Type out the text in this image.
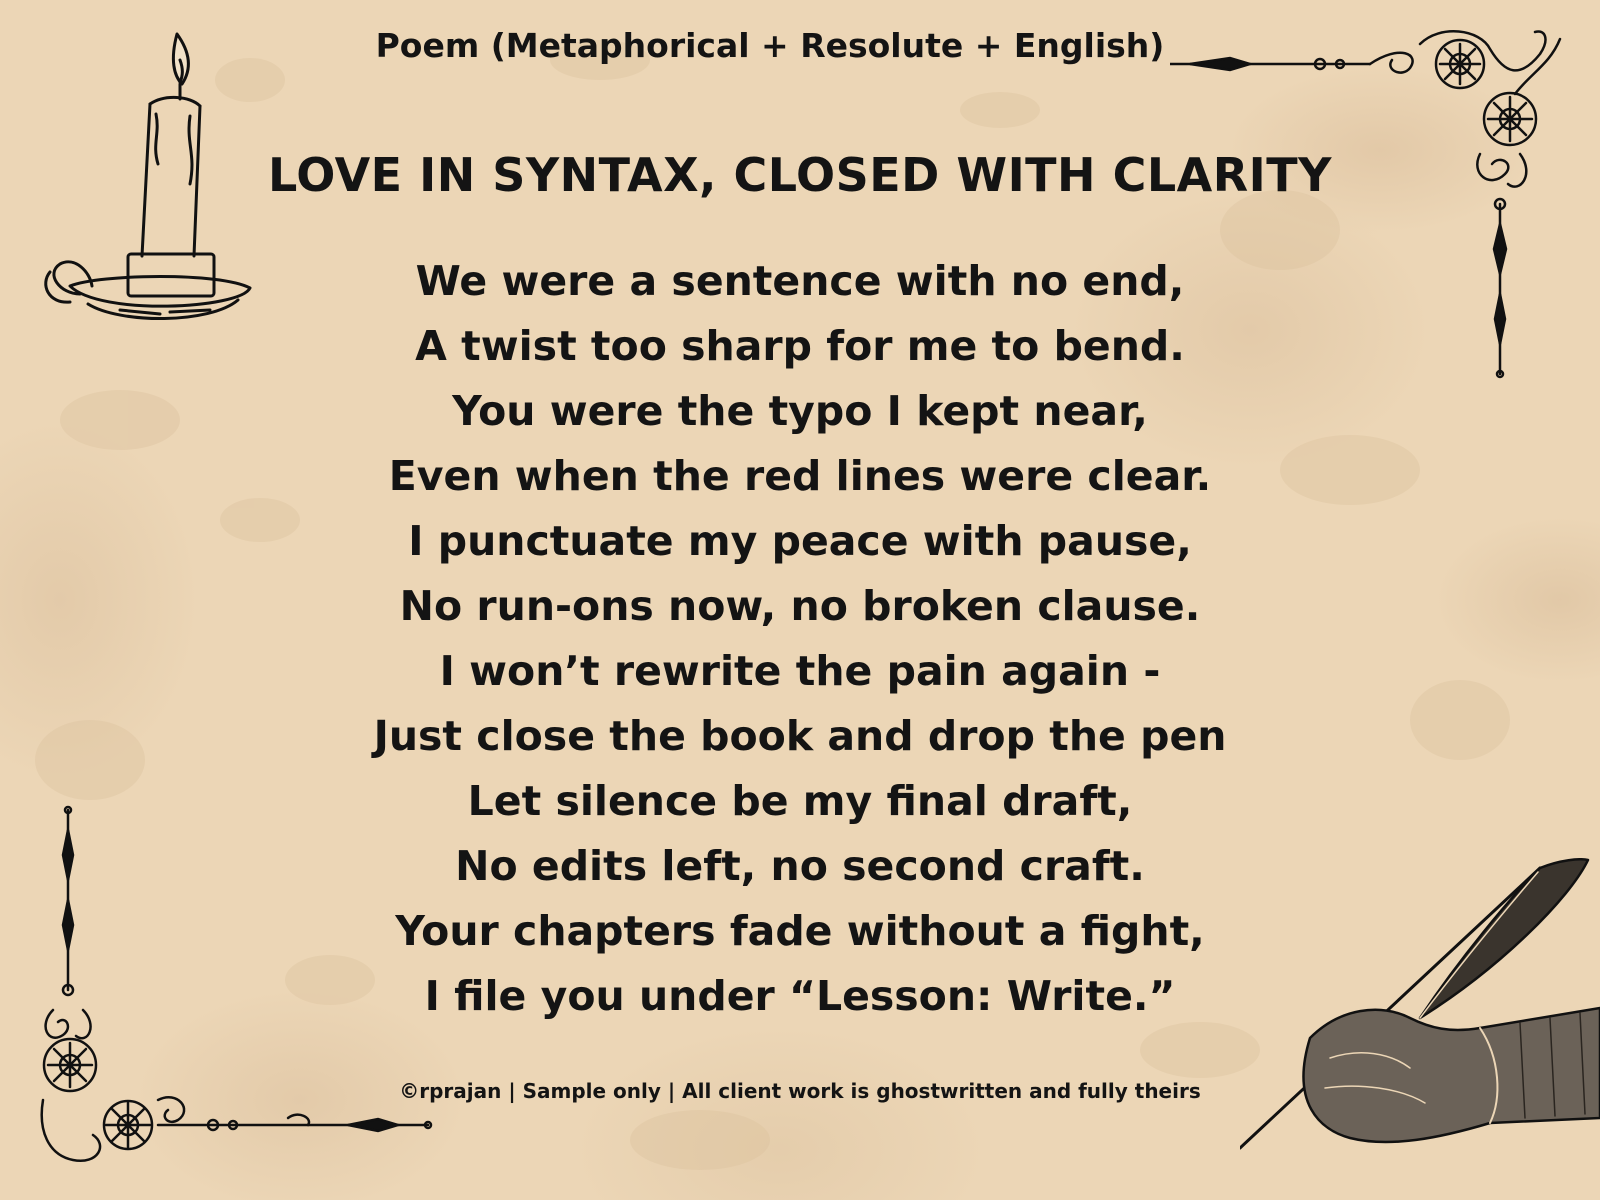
Poem (Metaphorical + Resolute + English)
LOVE IN SYNTAX, CLOSED WITH CLARITY
We were a sentence with no end,
A twist too sharp for me to bend.
You were the typo I kept near,
Even when the red lines were clear.
I punctuate my peace with pause,
No run-ons now, no broken clause.
I won’t rewrite the pain again -
Just close the book and drop the pen
Let silence be my final draft,
No edits left, no second craft.
Your chapters fade without a fight,
I file you under “Lesson: Write.”
©rprajan | Sample only | All client work is ghostwritten and fully theirs
